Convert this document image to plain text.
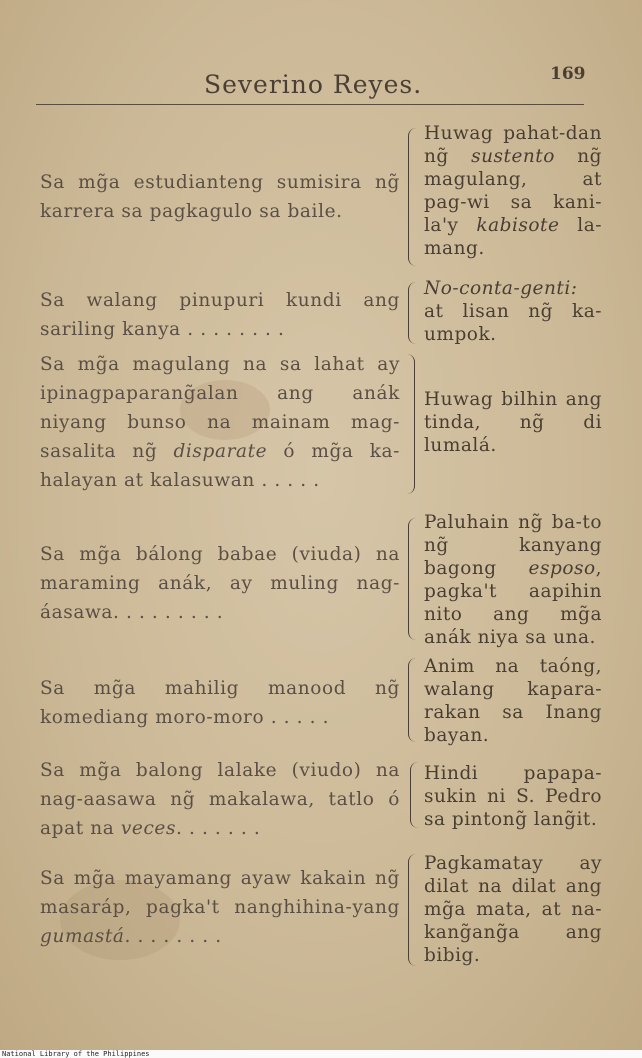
Severino Reyes.	169

Sa mg̃a estudianteng sumisira ng̃ karrera sa pagkagulo sa baile.

Huwag pahat-dan ng̃ sustento ng̃ magulang, at pag-wi sa kani-la'y kabisote la-mang.

Sa walang pinupuri kundi ang sariling kanya . . . . . . . .

No-conta-genti: at lisan ng̃ ka-umpok.

Sa mg̃a magulang na sa lahat ay ipinagpaparang̃alan ang anák niyang bunso na mainam mag-sasalita ng̃ disparate ó mg̃a ka-halayan at kalasuwan . . . . .

Huwag bilhin ang tinda, ng̃ di lumalá.

Sa mg̃a bálong babae (viuda) na maraming anák, ay muling nag-áasawa. . . . . . . . .

Paluhain ng̃ ba-to ng̃ kanyang bagong esposo, pagka't aapihin nito ang mg̃a anák niya sa una.

Sa mg̃a mahilig manood ng̃ komediang moro-moro . . . . .

Anim na taóng, walang kapara-rakan sa Inang bayan.

Sa mg̃a balong lalake (viudo) na nag-aasawa ng̃ makalawa, tatlo ó apat na veces. . . . . . .

Hindi papapa-sukin ni S. Pedro sa pintong̃ lang̃it.

Sa mg̃a mayamang ayaw kakain ng̃ masaráp, pagka't nanghihina-yang gumastá. . . . . . . .

Pagkamatay ay dilat na dilat ang mg̃a mata, at na-kang̃ang̃a ang bibig.

National Library of the Philippines
